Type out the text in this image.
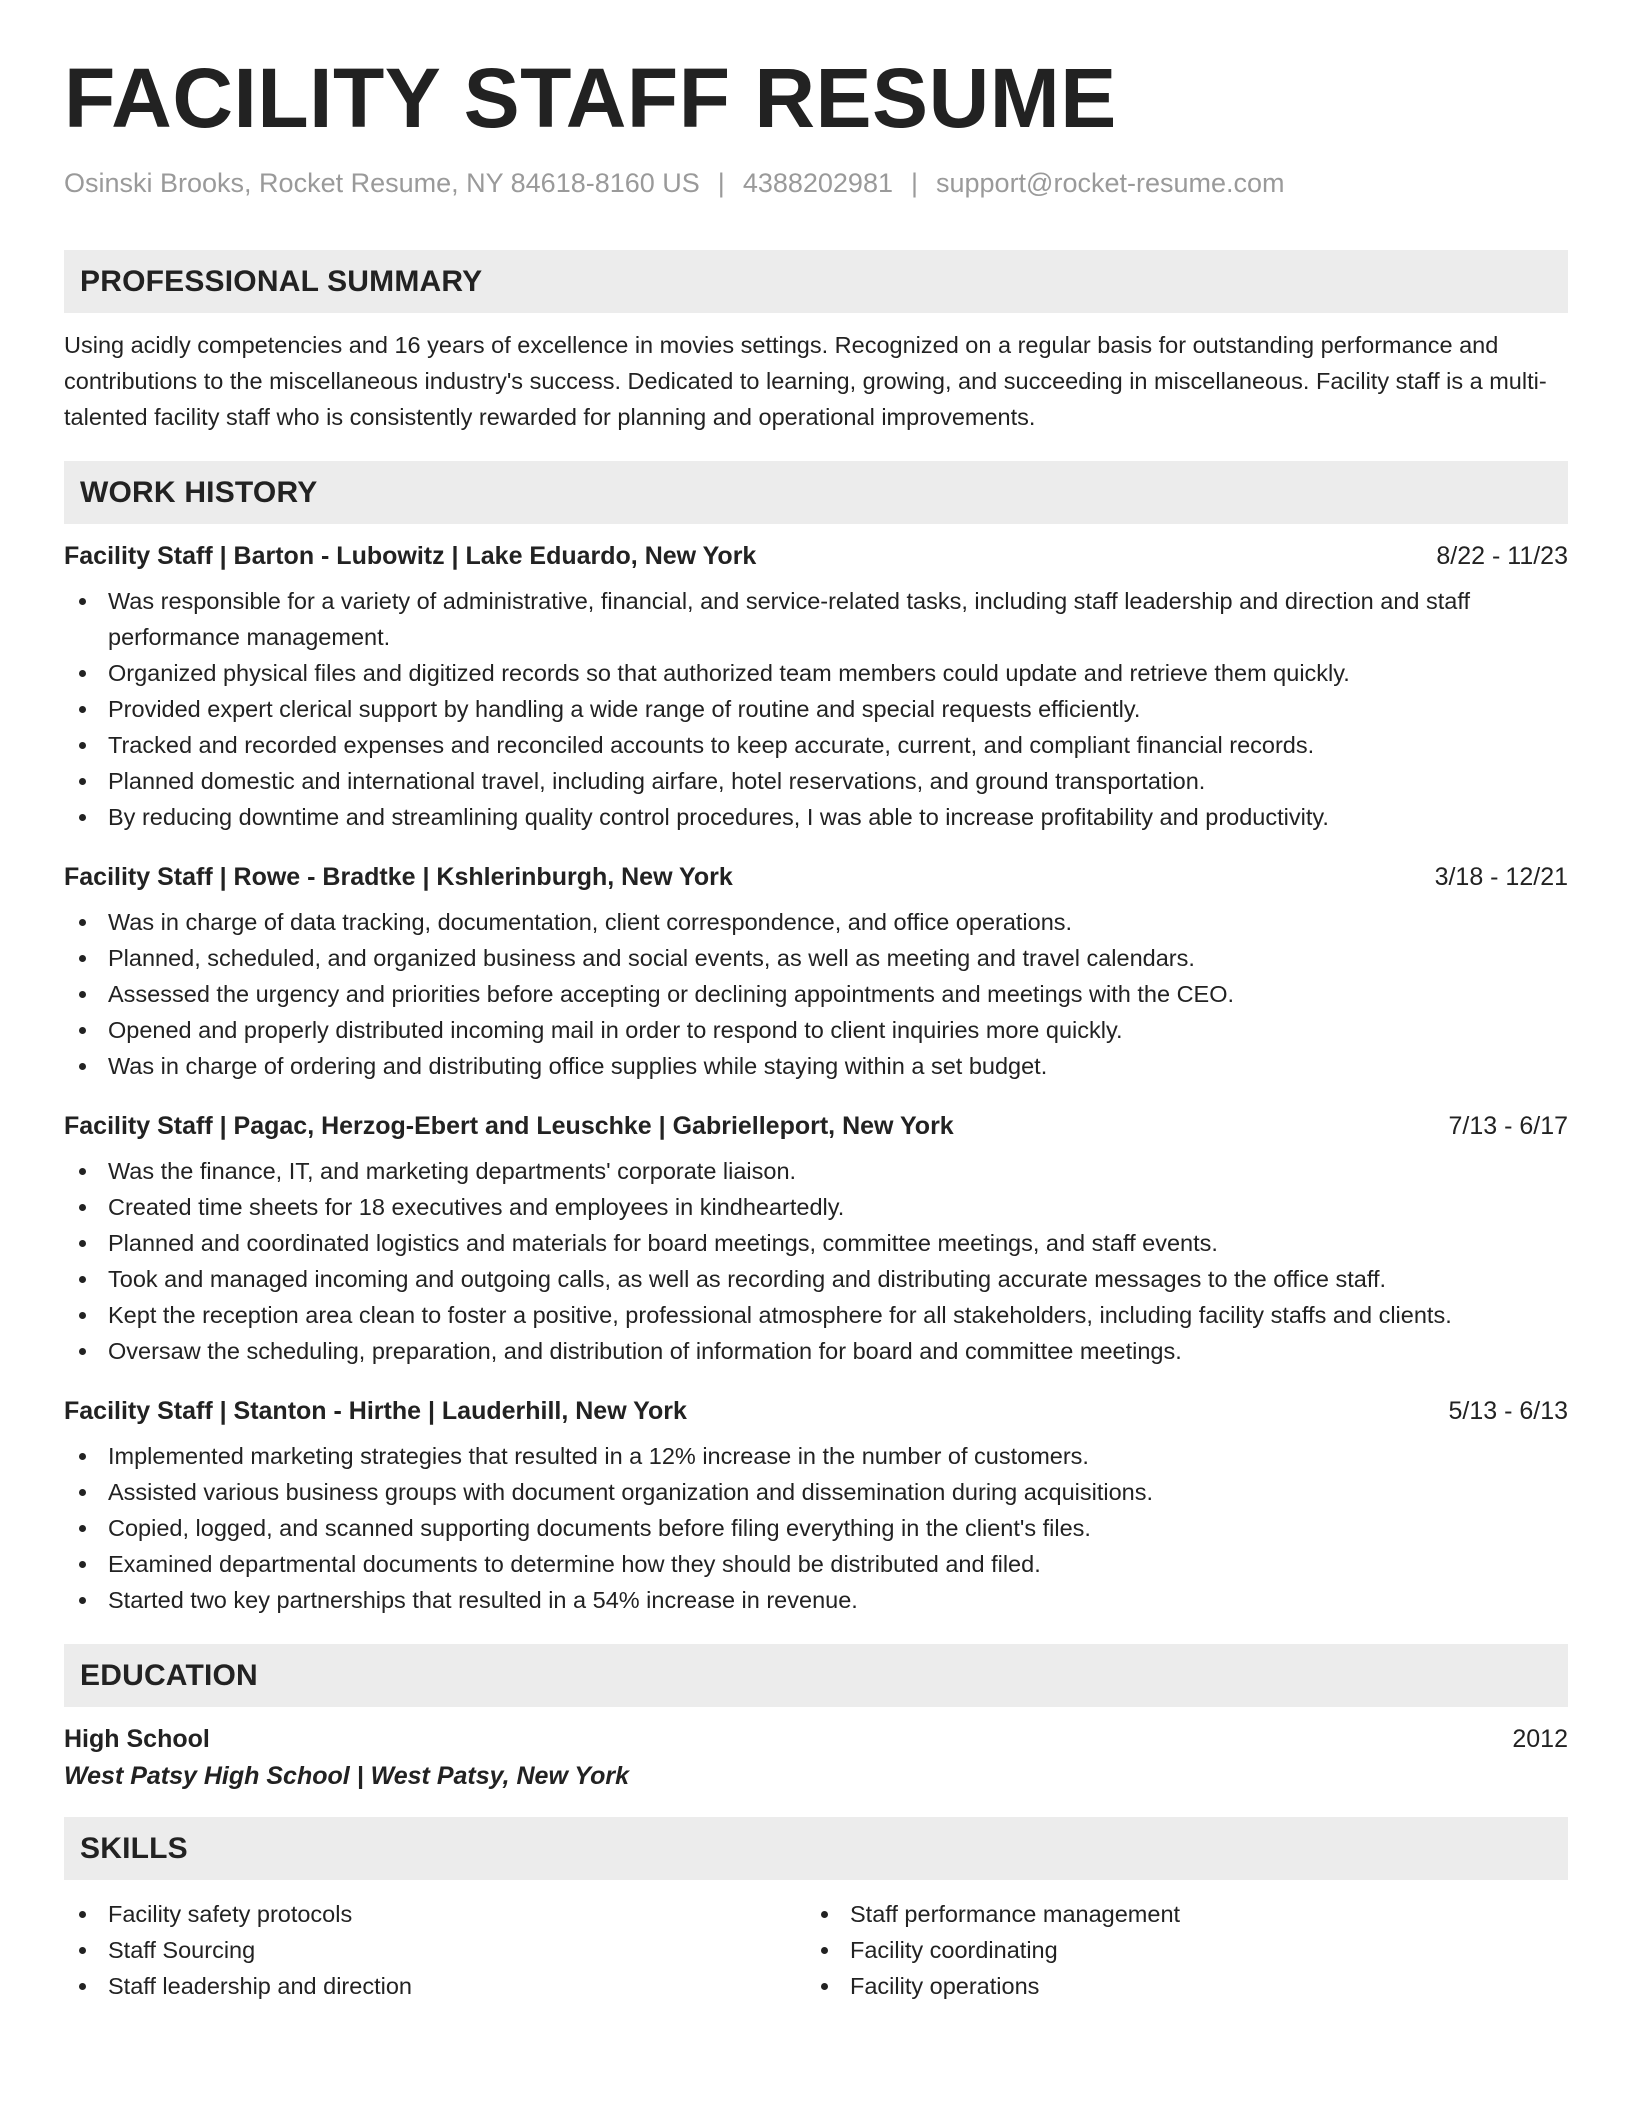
FACILITY STAFF RESUME
Osinski Brooks, Rocket Resume, NY 84618-8160 US | 4388202981 | support@rocket-resume.com
PROFESSIONAL SUMMARY
Using acidly competencies and 16 years of excellence in movies settings. Recognized on a regular basis for outstanding performance and contributions to the miscellaneous industry's success. Dedicated to learning, growing, and succeeding in miscellaneous. Facility staff is a multi-talented facility staff who is consistently rewarded for planning and operational improvements.
WORK HISTORY
Facility Staff | Barton - Lubowitz | Lake Eduardo, New York	8/22 - 11/23
Was responsible for a variety of administrative, financial, and service-related tasks, including staff leadership and direction and staff performance management.
Organized physical files and digitized records so that authorized team members could update and retrieve them quickly.
Provided expert clerical support by handling a wide range of routine and special requests efficiently.
Tracked and recorded expenses and reconciled accounts to keep accurate, current, and compliant financial records.
Planned domestic and international travel, including airfare, hotel reservations, and ground transportation.
By reducing downtime and streamlining quality control procedures, I was able to increase profitability and productivity.
Facility Staff | Rowe - Bradtke | Kshlerinburgh, New York	3/18 - 12/21
Was in charge of data tracking, documentation, client correspondence, and office operations.
Planned, scheduled, and organized business and social events, as well as meeting and travel calendars.
Assessed the urgency and priorities before accepting or declining appointments and meetings with the CEO.
Opened and properly distributed incoming mail in order to respond to client inquiries more quickly.
Was in charge of ordering and distributing office supplies while staying within a set budget.
Facility Staff | Pagac, Herzog-Ebert and Leuschke | Gabrielleport, New York	7/13 - 6/17
Was the finance, IT, and marketing departments' corporate liaison.
Created time sheets for 18 executives and employees in kindheartedly.
Planned and coordinated logistics and materials for board meetings, committee meetings, and staff events.
Took and managed incoming and outgoing calls, as well as recording and distributing accurate messages to the office staff.
Kept the reception area clean to foster a positive, professional atmosphere for all stakeholders, including facility staffs and clients.
Oversaw the scheduling, preparation, and distribution of information for board and committee meetings.
Facility Staff | Stanton - Hirthe | Lauderhill, New York	5/13 - 6/13
Implemented marketing strategies that resulted in a 12% increase in the number of customers.
Assisted various business groups with document organization and dissemination during acquisitions.
Copied, logged, and scanned supporting documents before filing everything in the client's files.
Examined departmental documents to determine how they should be distributed and filed.
Started two key partnerships that resulted in a 54% increase in revenue.
EDUCATION
High School	2012
West Patsy High School | West Patsy, New York
SKILLS
Facility safety protocols
Staff Sourcing
Staff leadership and direction
Staff performance management
Facility coordinating
Facility operations
